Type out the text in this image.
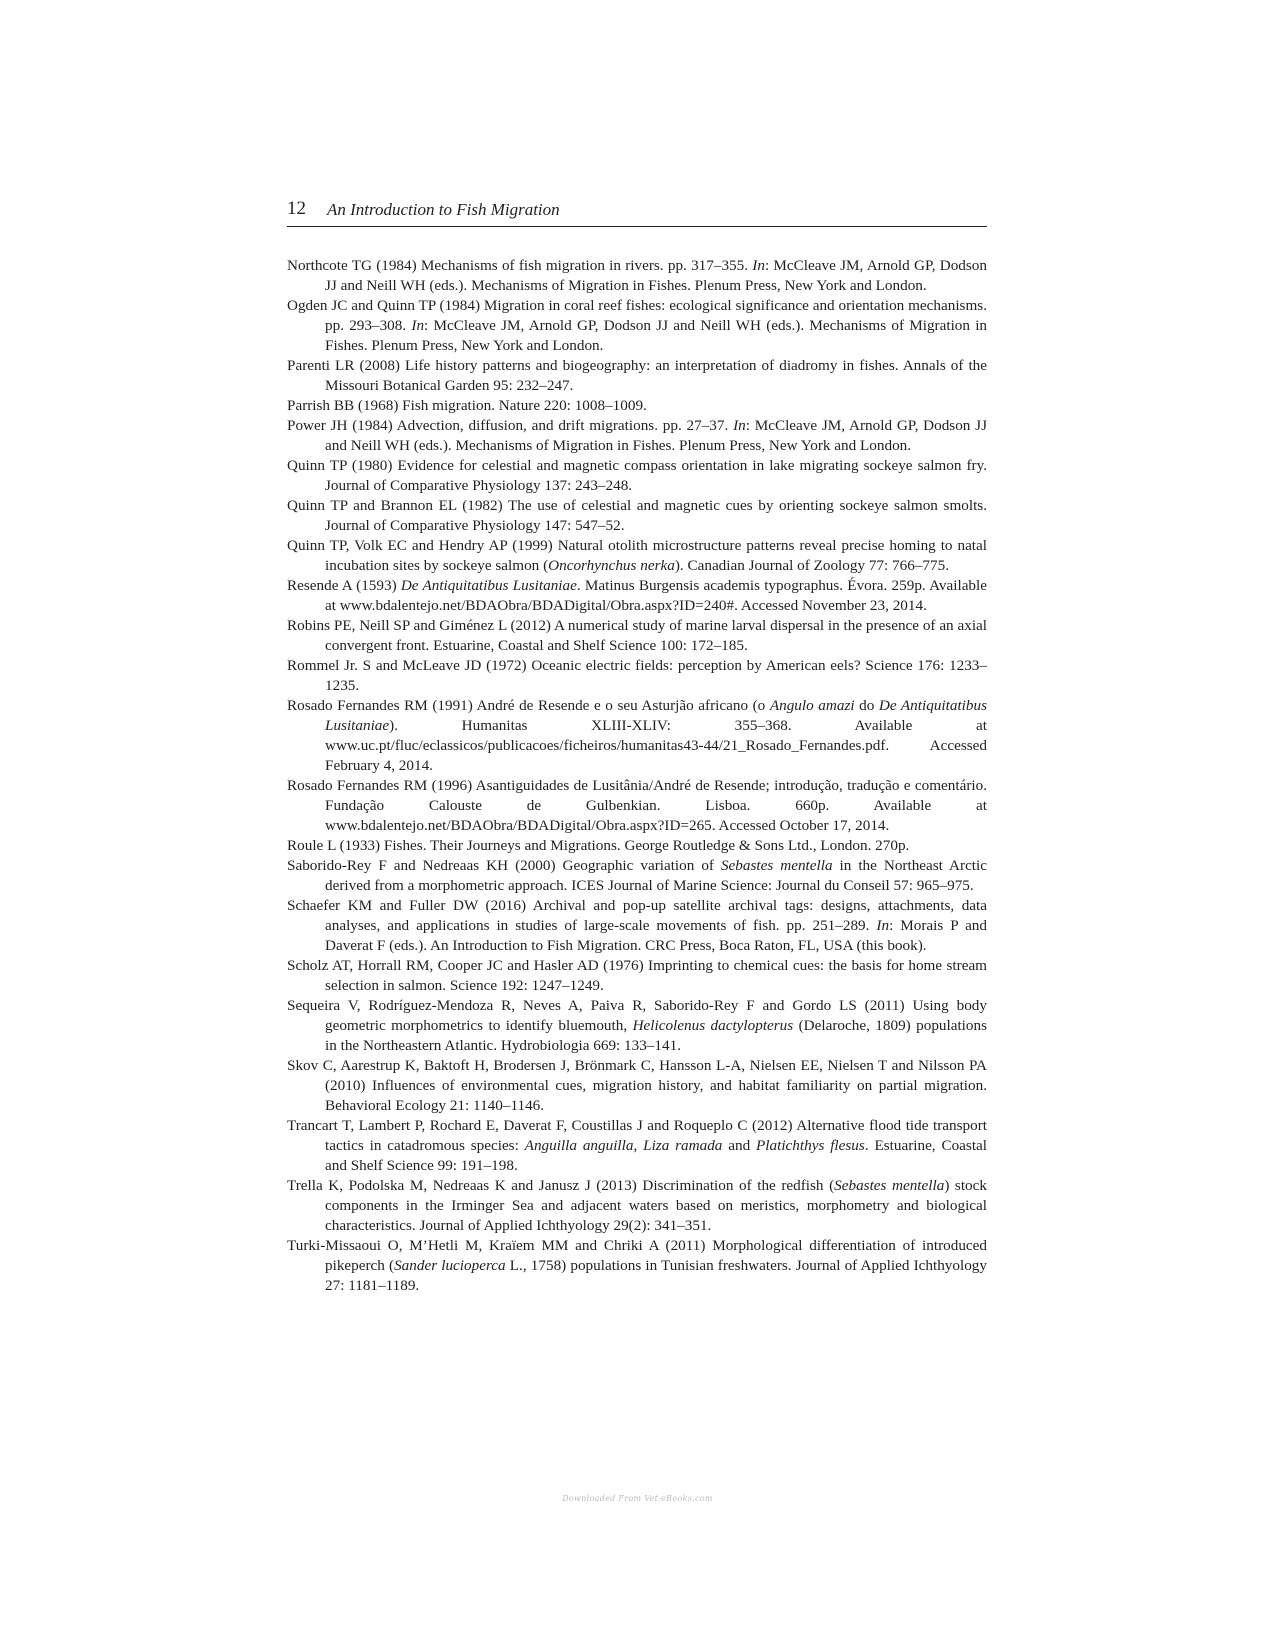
12 An Introduction to Fish Migration
Northcote TG (1984) Mechanisms of fish migration in rivers. pp. 317–355. In: McCleave JM, Arnold GP, Dodson JJ and Neill WH (eds.). Mechanisms of Migration in Fishes. Plenum Press, New York and London.
Ogden JC and Quinn TP (1984) Migration in coral reef fishes: ecological significance and orientation mechanisms. pp. 293–308. In: McCleave JM, Arnold GP, Dodson JJ and Neill WH (eds.). Mechanisms of Migration in Fishes. Plenum Press, New York and London.
Parenti LR (2008) Life history patterns and biogeography: an interpretation of diadromy in fishes. Annals of the Missouri Botanical Garden 95: 232–247.
Parrish BB (1968) Fish migration. Nature 220: 1008–1009.
Power JH (1984) Advection, diffusion, and drift migrations. pp. 27–37. In: McCleave JM, Arnold GP, Dodson JJ and Neill WH (eds.). Mechanisms of Migration in Fishes. Plenum Press, New York and London.
Quinn TP (1980) Evidence for celestial and magnetic compass orientation in lake migrating sockeye salmon fry. Journal of Comparative Physiology 137: 243–248.
Quinn TP and Brannon EL (1982) The use of celestial and magnetic cues by orienting sockeye salmon smolts. Journal of Comparative Physiology 147: 547–52.
Quinn TP, Volk EC and Hendry AP (1999) Natural otolith microstructure patterns reveal precise homing to natal incubation sites by sockeye salmon (Oncorhynchus nerka). Canadian Journal of Zoology 77: 766–775.
Resende A (1593) De Antiquitatibus Lusitaniae. Matinus Burgensis academis typographus. Évora. 259p. Available at www.bdalentejo.net/BDAObra/BDADigital/Obra.aspx?ID=240#. Accessed November 23, 2014.
Robins PE, Neill SP and Giménez L (2012) A numerical study of marine larval dispersal in the presence of an axial convergent front. Estuarine, Coastal and Shelf Science 100: 172–185.
Rommel Jr. S and McLeave JD (1972) Oceanic electric fields: perception by American eels? Science 176: 1233–1235.
Rosado Fernandes RM (1991) André de Resende e o seu Asturjão africano (o Angulo amazi do De Antiquitatibus Lusitaniae). Humanitas XLIII-XLIV: 355–368. Available at www.uc.pt/fluc/eclassicos/publicacoes/ficheiros/humanitas43-44/21_Rosado_Fernandes.pdf. Accessed February 4, 2014.
Rosado Fernandes RM (1996) Asantiguidades de Lusitânia/André de Resende; introdução, tradução e comentário. Fundação Calouste de Gulbenkian. Lisboa. 660p. Available at www.bdalentejo.net/BDAObra/BDADigital/Obra.aspx?ID=265. Accessed October 17, 2014.
Roule L (1933) Fishes. Their Journeys and Migrations. George Routledge & Sons Ltd., London. 270p.
Saborido-Rey F and Nedreaas KH (2000) Geographic variation of Sebastes mentella in the Northeast Arctic derived from a morphometric approach. ICES Journal of Marine Science: Journal du Conseil 57: 965–975.
Schaefer KM and Fuller DW (2016) Archival and pop-up satellite archival tags: designs, attachments, data analyses, and applications in studies of large-scale movements of fish. pp. 251–289. In: Morais P and Daverat F (eds.). An Introduction to Fish Migration. CRC Press, Boca Raton, FL, USA (this book).
Scholz AT, Horrall RM, Cooper JC and Hasler AD (1976) Imprinting to chemical cues: the basis for home stream selection in salmon. Science 192: 1247–1249.
Sequeira V, Rodríguez-Mendoza R, Neves A, Paiva R, Saborido-Rey F and Gordo LS (2011) Using body geometric morphometrics to identify bluemouth, Helicolenus dactylopterus (Delaroche, 1809) populations in the Northeastern Atlantic. Hydrobiologia 669: 133–141.
Skov C, Aarestrup K, Baktoft H, Brodersen J, Brönmark C, Hansson L-A, Nielsen EE, Nielsen T and Nilsson PA (2010) Influences of environmental cues, migration history, and habitat familiarity on partial migration. Behavioral Ecology 21: 1140–1146.
Trancart T, Lambert P, Rochard E, Daverat F, Coustillas J and Roqueplo C (2012) Alternative flood tide transport tactics in catadromous species: Anguilla anguilla, Liza ramada and Platichthys flesus. Estuarine, Coastal and Shelf Science 99: 191–198.
Trella K, Podolska M, Nedreaas K and Janusz J (2013) Discrimination of the redfish (Sebastes mentella) stock components in the Irminger Sea and adjacent waters based on meristics, morphometry and biological characteristics. Journal of Applied Ichthyology 29(2): 341–351.
Turki-Missaoui O, M’Hetli M, Kraïem MM and Chriki A (2011) Morphological differentiation of introduced pikeperch (Sander lucioperca L., 1758) populations in Tunisian freshwaters. Journal of Applied Ichthyology 27: 1181–1189.
Downloaded From Vet-eBooks.com
